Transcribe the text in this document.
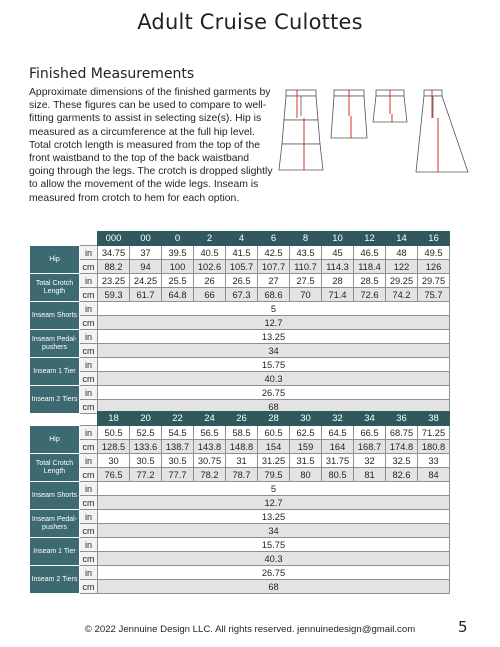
Adult Cruise Culottes
Finished Measurements
Approximate dimensions of the finished garments by size. These figures can be used to compare to well-fitting garments to assist in selecting size(s). Hip is measured as a circumference at the full hip level. Total crotch length is measured from the top of the front waistband to the top of the back waistband going through the legs. The crotch is dropped slightly to allow the movement of the wide legs. Inseam is measured from crotch to hem for each option.
		000	00	0	2	4	6	8	10	12	14	16
Hip	in	34.75	37	39.5	40.5	41.5	42.5	43.5	45	46.5	48	49.5
	cm	88.2	94	100	102.6	105.7	107.7	110.7	114.3	118.4	122	126
Total Crotch Length	in	23.25	24.25	25.5	26	26.5	27	27.5	28	28.5	29.25	29.75
	cm	59.3	61.7	64.8	66	67.3	68.6	70	71.4	72.6	74.2	75.7
Inseam Shorts	in	5										
	cm	12.7										
Inseam Pedal-pushers	in	13.25										
	cm	34										
Inseam 1 Tier	in	15.75										
	cm	40.3										
Inseam 2 Tiers	in	26.75										
	cm	68										
		18	20	22	24	26	28	30	32	34	36	38
Hip	in	50.5	52.5	54.5	56.5	58.5	60.5	62.5	64.5	66.5	68.75	71.25
	cm	128.5	133.6	138.7	143.8	148.8	154	159	164	168.7	174.8	180.8
Total Crotch Length	in	30	30.5	30.5	30.75	31	31.25	31.5	31.75	32	32.5	33
	cm	76.5	77.2	77.7	78.2	78.7	79.5	80	80.5	81	82.6	84
Inseam Shorts	in	5										
	cm	12.7										
Inseam Pedal-pushers	in	13.25										
	cm	34										
Inseam 1 Tier	in	15.75										
	cm	40.3										
Inseam 2 Tiers	in	26.75										
	cm	68										
© 2022 Jennuine Design LLC. All rights reserved. jennuinedesign@gmail.com	5
